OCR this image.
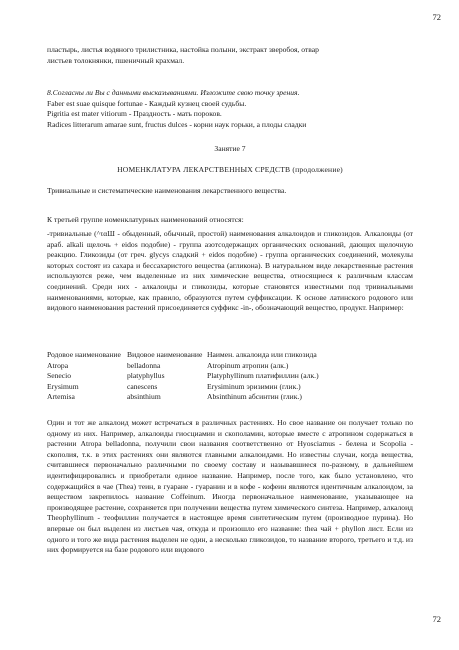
72

пластырь, листья водяного трилистника, настойка полыни, экстракт зверобоя, отвар

листьев толокнянки, пшеничный крахмал.

8.Согласны ли Вы с данными высказываниями. Изложите свою точку зрения.

Faber est suae quisque fortunae - Каждый кузнец своей судьбы.

Pigritia est mater vitiorum - Праздность - мать пороков.

Radices litterarum amarae sunt, fructus dulces - корни наук горьки, а плоды сладки

Занятие 7
НОМЕНКЛАТУРА ЛЕКАРСТВЕННЫХ СРЕДСТВ (продолжение)
Тривиальные и систематические наименования лекарственного вещества.
К третьей группе номенклатурных наименований относятся:
-тривиальные (^ταШ - обыденный, обычный, простой) наименования алкалоидов и гликозидов. Алкалоиды (от араб. alkali щелочь + eidos подобие) - группа азотсодержащих органических оснований, дающих щелочную реакцию. Гликозиды (от греч. glycys сладкий + eidos подобие) - группа органических соединений, молекулы которых состоят из сахара и бессахаристого вещества (агликона). В натуральном виде лекарственные растения используются реже, чем выделенные из них химические вещества, относящиеся к различным классам соединений. Среди них - алкалоиды и гликозиды, которые становятся известными под тривиальными наименованиями, которые, как правило, образуются путем суффиксации. К основе латинского родового или видового наименования растений присоединяется суффикс -in-, обозначающий вещество, продукт. Например:
Родовое наименование	Видовое наименование	Наимен. алкалоида или гликозида
Atropa	belladonna	Atropinum атропин (алк.)
Senecio	platyphyllus	Platyphyllinum платифиллин (алк.)
Erysimum	canescens	Erysiminum эризимин (глик.)
Artemisa	absinthium	Absinthinum абсинтин (глик.)
Один и тот же алкалоид может встречаться в различных растениях. Но свое название он получает только по одному из них. Например, алкалоиды гиосциамин и скополамин, которые вместе с атропином содержаться в растении Atropa belladonna, получили свои названия соответственно от Hyosciamus - белена и Scopolia - скополия, т.к. в этих растениях они являются главными алкалоидами. Но известны случаи, когда вещества, считавшиеся первоначально различными по своему составу и называвшиеся по-разному, в дальнейшем идентифицировались и приобретали единое название. Например, после того, как было установлено, что содержащийся в чае (Thea) теин, в гуаране - гуаранин и в кофе - кофеин являются идентичным алкалоидом, за веществом закрепилось название Coffeinum. Иногда первоначальное наименование, указывающее на производящее растение, сохраняется при получении вещества путем химического синтеза. Например, алкалоид Theophyllinum - теофиллин получается в настоящее время синтетическим путем (производное пурина). Но впервые он был выделен из листьев чая, откуда и произошло его название: thea чай + phyllon лист. Если из одного и того же вида растения выделен не один, а несколько гликозидов, то название второго, третьего и т.д. из них формируется на базе родового или видового
72
